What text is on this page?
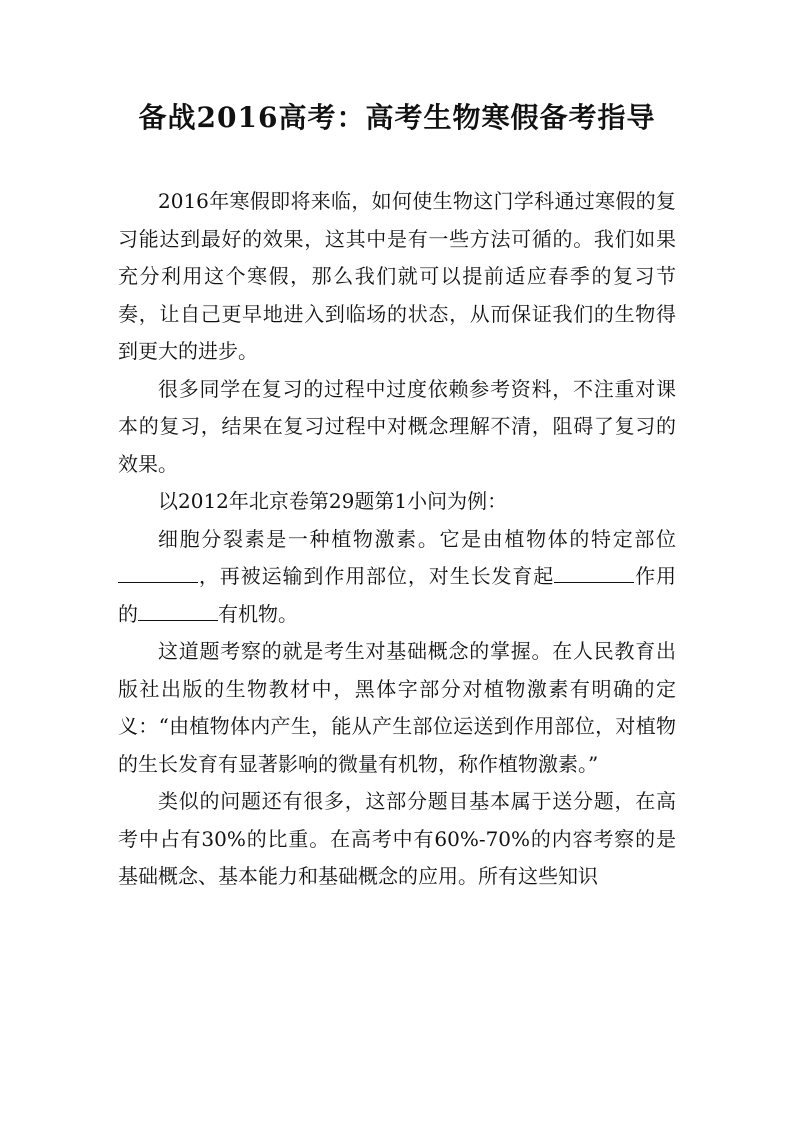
备战2016高考：高考生物寒假备考指导

2016年寒假即将来临，如何使生物这门学科通过寒假的复习能达到最好的效果，这其中是有一些方法可循的。我们如果充分利用这个寒假，那么我们就可以提前适应春季的复习节奏，让自己更早地进入到临场的状态，从而保证我们的生物得到更大的进步。

很多同学在复习的过程中过度依赖参考资料，不注重对课本的复习，结果在复习过程中对概念理解不清，阻碍了复习的效果。

以2012年北京卷第29题第1小问为例：

细胞分裂素是一种植物激素。它是由植物体的特定部位，再被运输到作用部位，对生长发育起	作用的	有机物。

这道题考察的就是考生对基础概念的掌握。在人民教育出版社出版的生物教材中，黑体字部分对植物激素有明确的定义：“由植物体内产生，能从产生部位运送到作用部位，对植物的生长发育有显著影响的微量有机物，称作植物激素。”

类似的问题还有很多，这部分题目基本属于送分题，在高考中占有30%的比重。在高考中有60%-70%的内容考察的是基础概念、基本能力和基础概念的应用。所有这些知识
